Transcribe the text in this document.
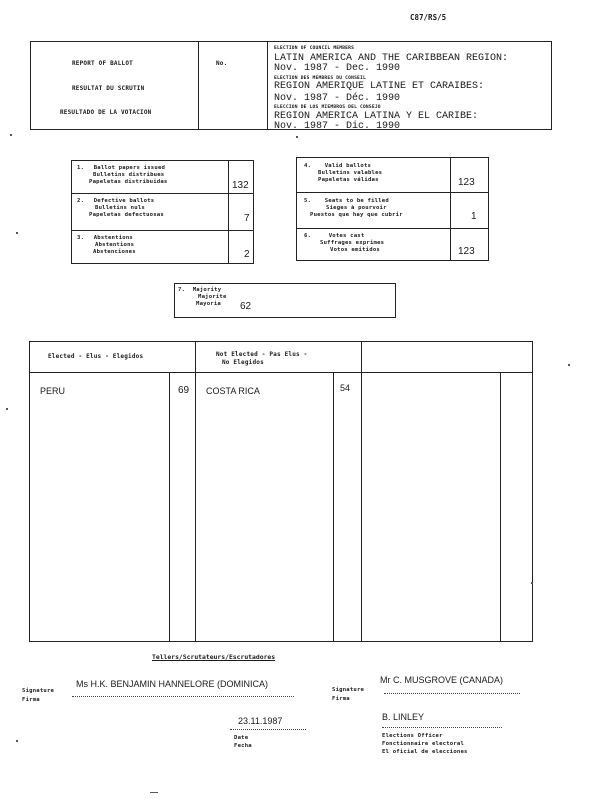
C87/RS/5
REPORT OF BALLOT
RESULTAT DU SCRUTIN
RESULTADO DE LA VOTACION
No.
ELECTION OF COUNCIL MEMBERS
LATIN AMERICA AND THE CARIBBEAN REGION:
Nov. 1987 - Dec. 1990
ELECTION DES MEMBRES DU CONSEIL
REGION AMERIQUE LATINE ET CARAIBES:
Nov. 1987 - Déc. 1990
ELECCION DE LOS MIEMBROS DEL CONSEJO
REGION AMERICA LATINA Y EL CARIBE:
Nov. 1987 - Dic. 1990
1. Ballot papers issued
Bulletins distribues
Papeletas distribuidas	132
2. Defective ballots
Bulletins nuls
Papeletas defectuosas	7
3. Abstentions
Abstentions
Abstenciones	2
4. Valid ballots
Bulletins valables
Papeletas válidas	123
5. Seats to be filled
Sieges à pourvoir
Puestos que hay que cubrir	1
6.	Votes cast
Suffrages exprimes
Votos emitidos	123
7. Majority
Majorite
Mayoria	62
Elected - Elus - Elegidos	Not Elected - Pas Elus -
No Elegidos
PERU	69 COSTA RICA	54
Tellers/Scrutateurs/Escrutadores
Signature
Firma
Ms H.K. BENJAMIN HANNELORE (DOMINICA)
Signature
Firma
Mr C. MUSGROVE (CANADA)
23.11.1987
Date
Fecha
B. LINLEY
Elections Officer
Fonctionnaire electoral
El oficial de elecciones
